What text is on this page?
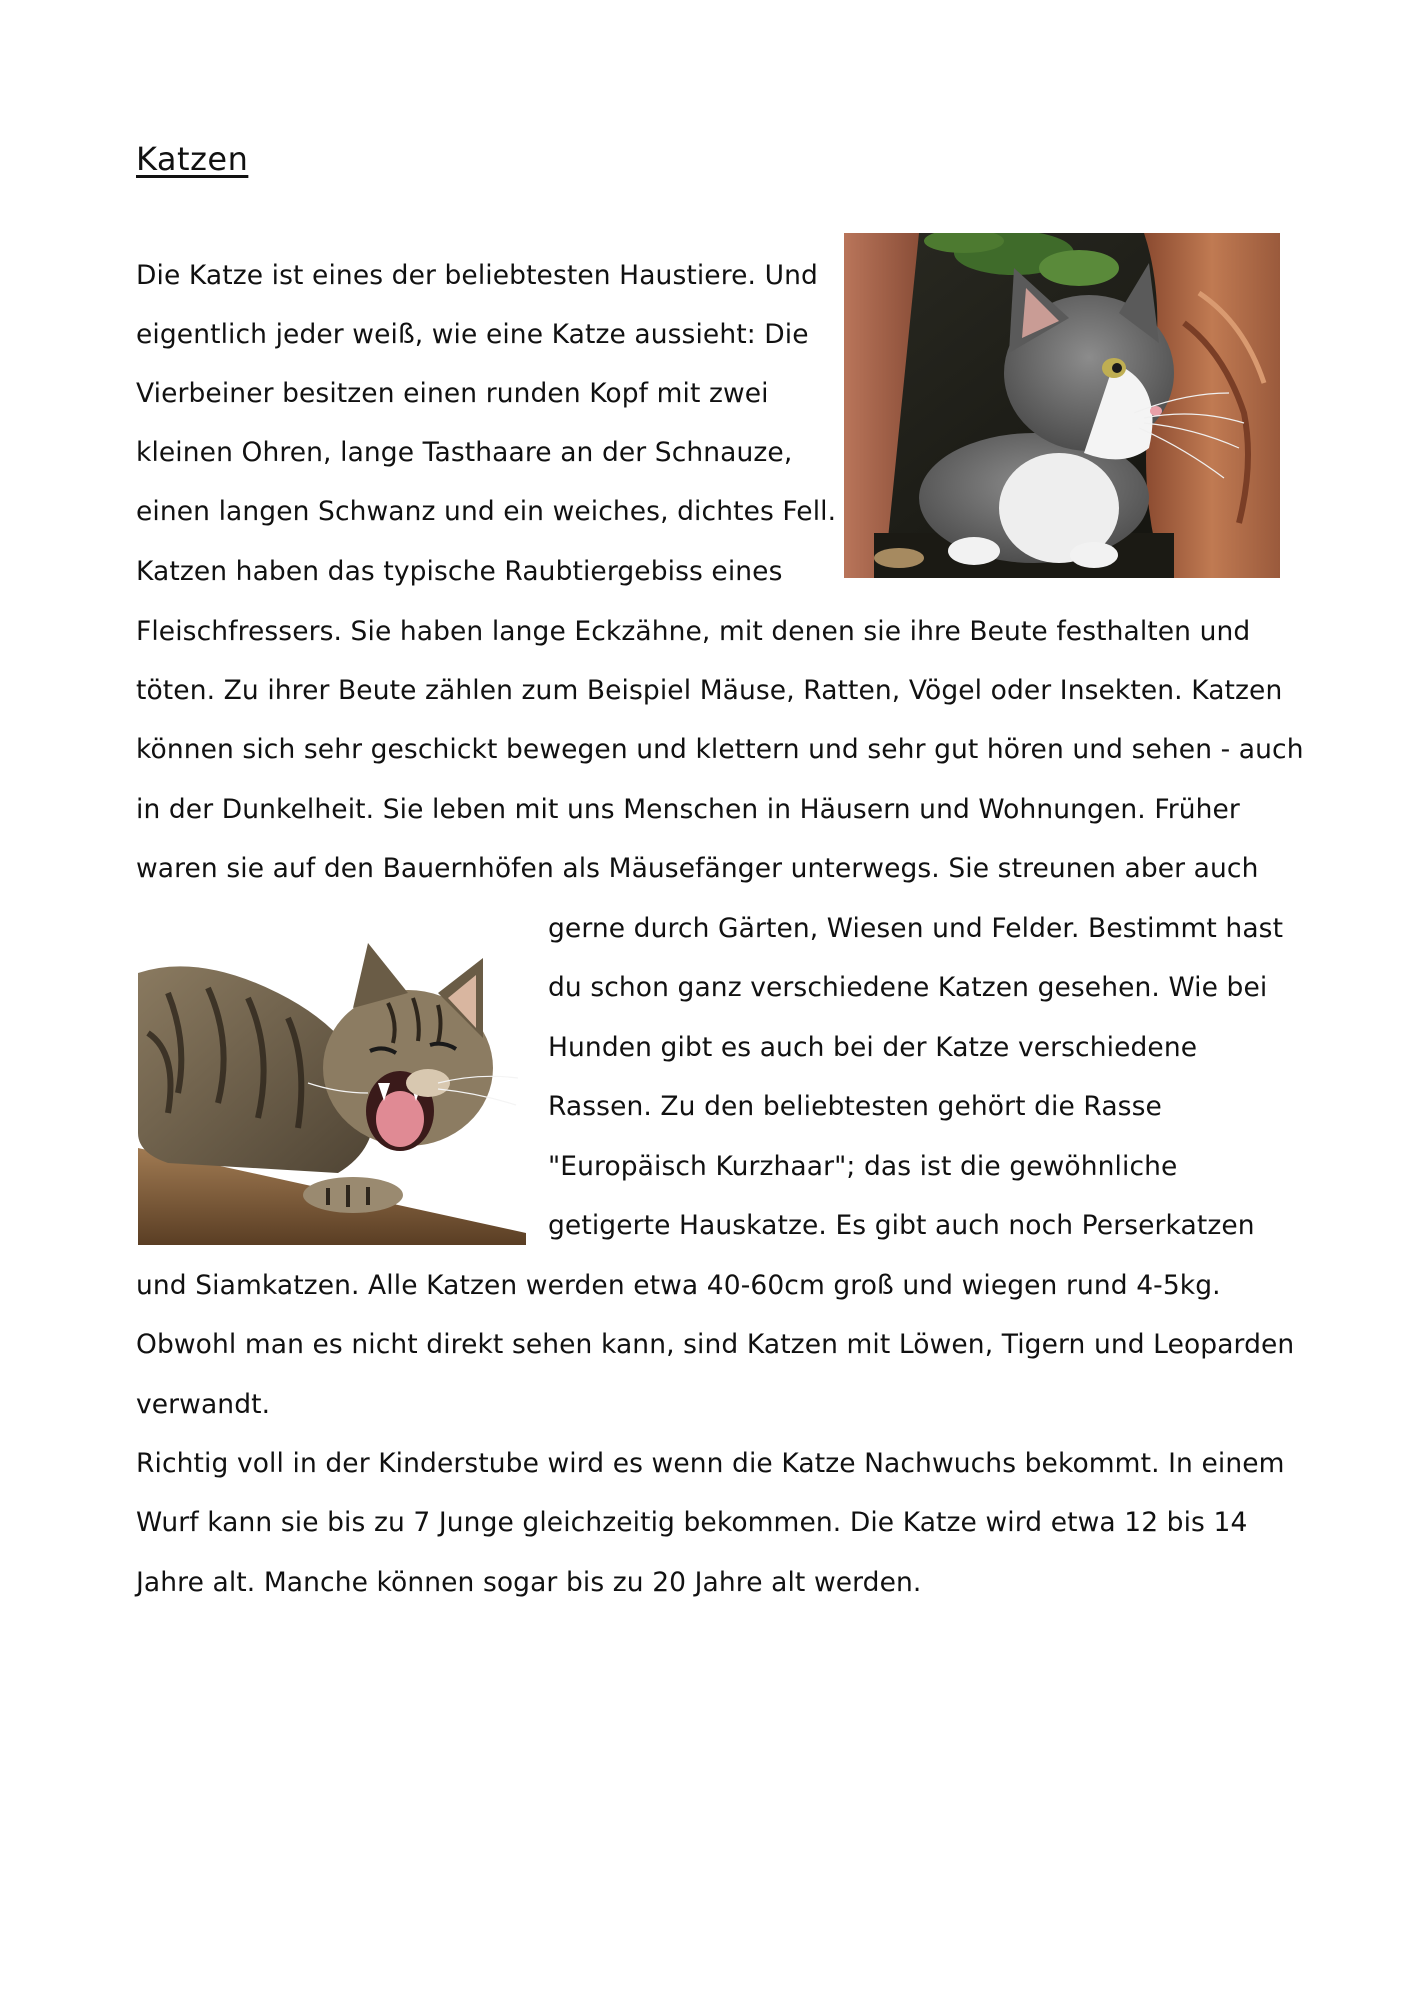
Katzen
Die Katze ist eines der beliebtesten Haustiere. Und
eigentlich jeder weiß, wie eine Katze aussieht: Die
Vierbeiner besitzen einen runden Kopf mit zwei
kleinen Ohren, lange Tasthaare an der Schnauze,
einen langen Schwanz und ein weiches, dichtes Fell.
Katzen haben das typische Raubtiergebiss eines
Fleischfressers. Sie haben lange Eckzähne, mit denen sie ihre Beute festhalten und
töten. Zu ihrer Beute zählen zum Beispiel Mäuse, Ratten, Vögel oder Insekten. Katzen
können sich sehr geschickt bewegen und klettern und sehr gut hören und sehen - auch
in der Dunkelheit. Sie leben mit uns Menschen in Häusern und Wohnungen. Früher
waren sie auf den Bauernhöfen als Mäusefänger unterwegs. Sie streunen aber auch
gerne durch Gärten, Wiesen und Felder. Bestimmt hast
du schon ganz verschiedene Katzen gesehen. Wie bei
Hunden gibt es auch bei der Katze verschiedene
Rassen. Zu den beliebtesten gehört die Rasse
"Europäisch Kurzhaar"; das ist die gewöhnliche
getigerte Hauskatze. Es gibt auch noch Perserkatzen
und Siamkatzen. Alle Katzen werden etwa 40-60cm groß und wiegen rund 4-5kg.
Obwohl man es nicht direkt sehen kann, sind Katzen mit Löwen, Tigern und Leoparden
verwandt.
Richtig voll in der Kinderstube wird es wenn die Katze Nachwuchs bekommt. In einem
Wurf kann sie bis zu 7 Junge gleichzeitig bekommen. Die Katze wird etwa 12 bis 14
Jahre alt. Manche können sogar bis zu 20 Jahre alt werden.
